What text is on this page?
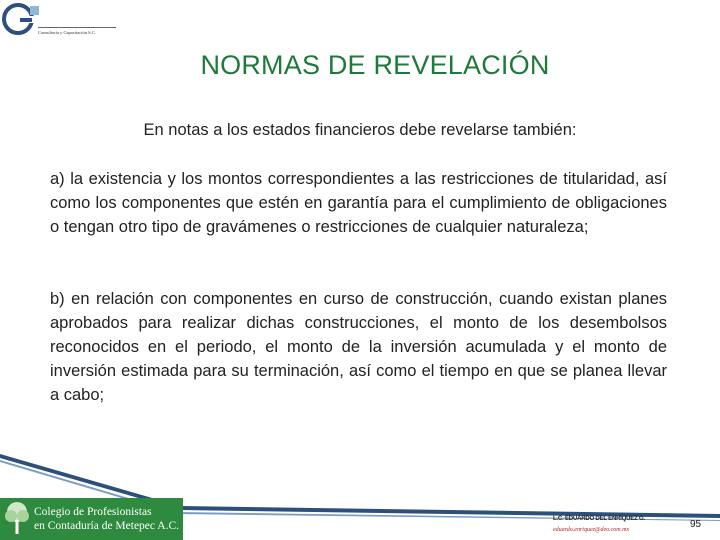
Consultoría y Capacitación S.C.
NORMAS DE REVELACIÓN
En notas a los estados financieros debe revelarse también:
a) la existencia y los montos correspondientes a las restricciones de titularidad, así como los componentes que estén en garantía para el cumplimiento de obligaciones o tengan otro tipo de gravámenes o restricciones de cualquier naturaleza;
b) en relación con componentes en curso de construcción, cuando existan planes aprobados para realizar dichas construcciones, el monto de los desembolsos reconocidos en el periodo, el monto de la inversión acumulada y el monto de inversión estimada para su terminación, así como el tiempo en que se planea llevar a cabo;
Colegio de Profesionistas
en Contaduría de Metepec A.C.
L.C. EDUARDO DEL ENRÍQUEZ G.
eduardo.enriquez@deo.com.mx	95
